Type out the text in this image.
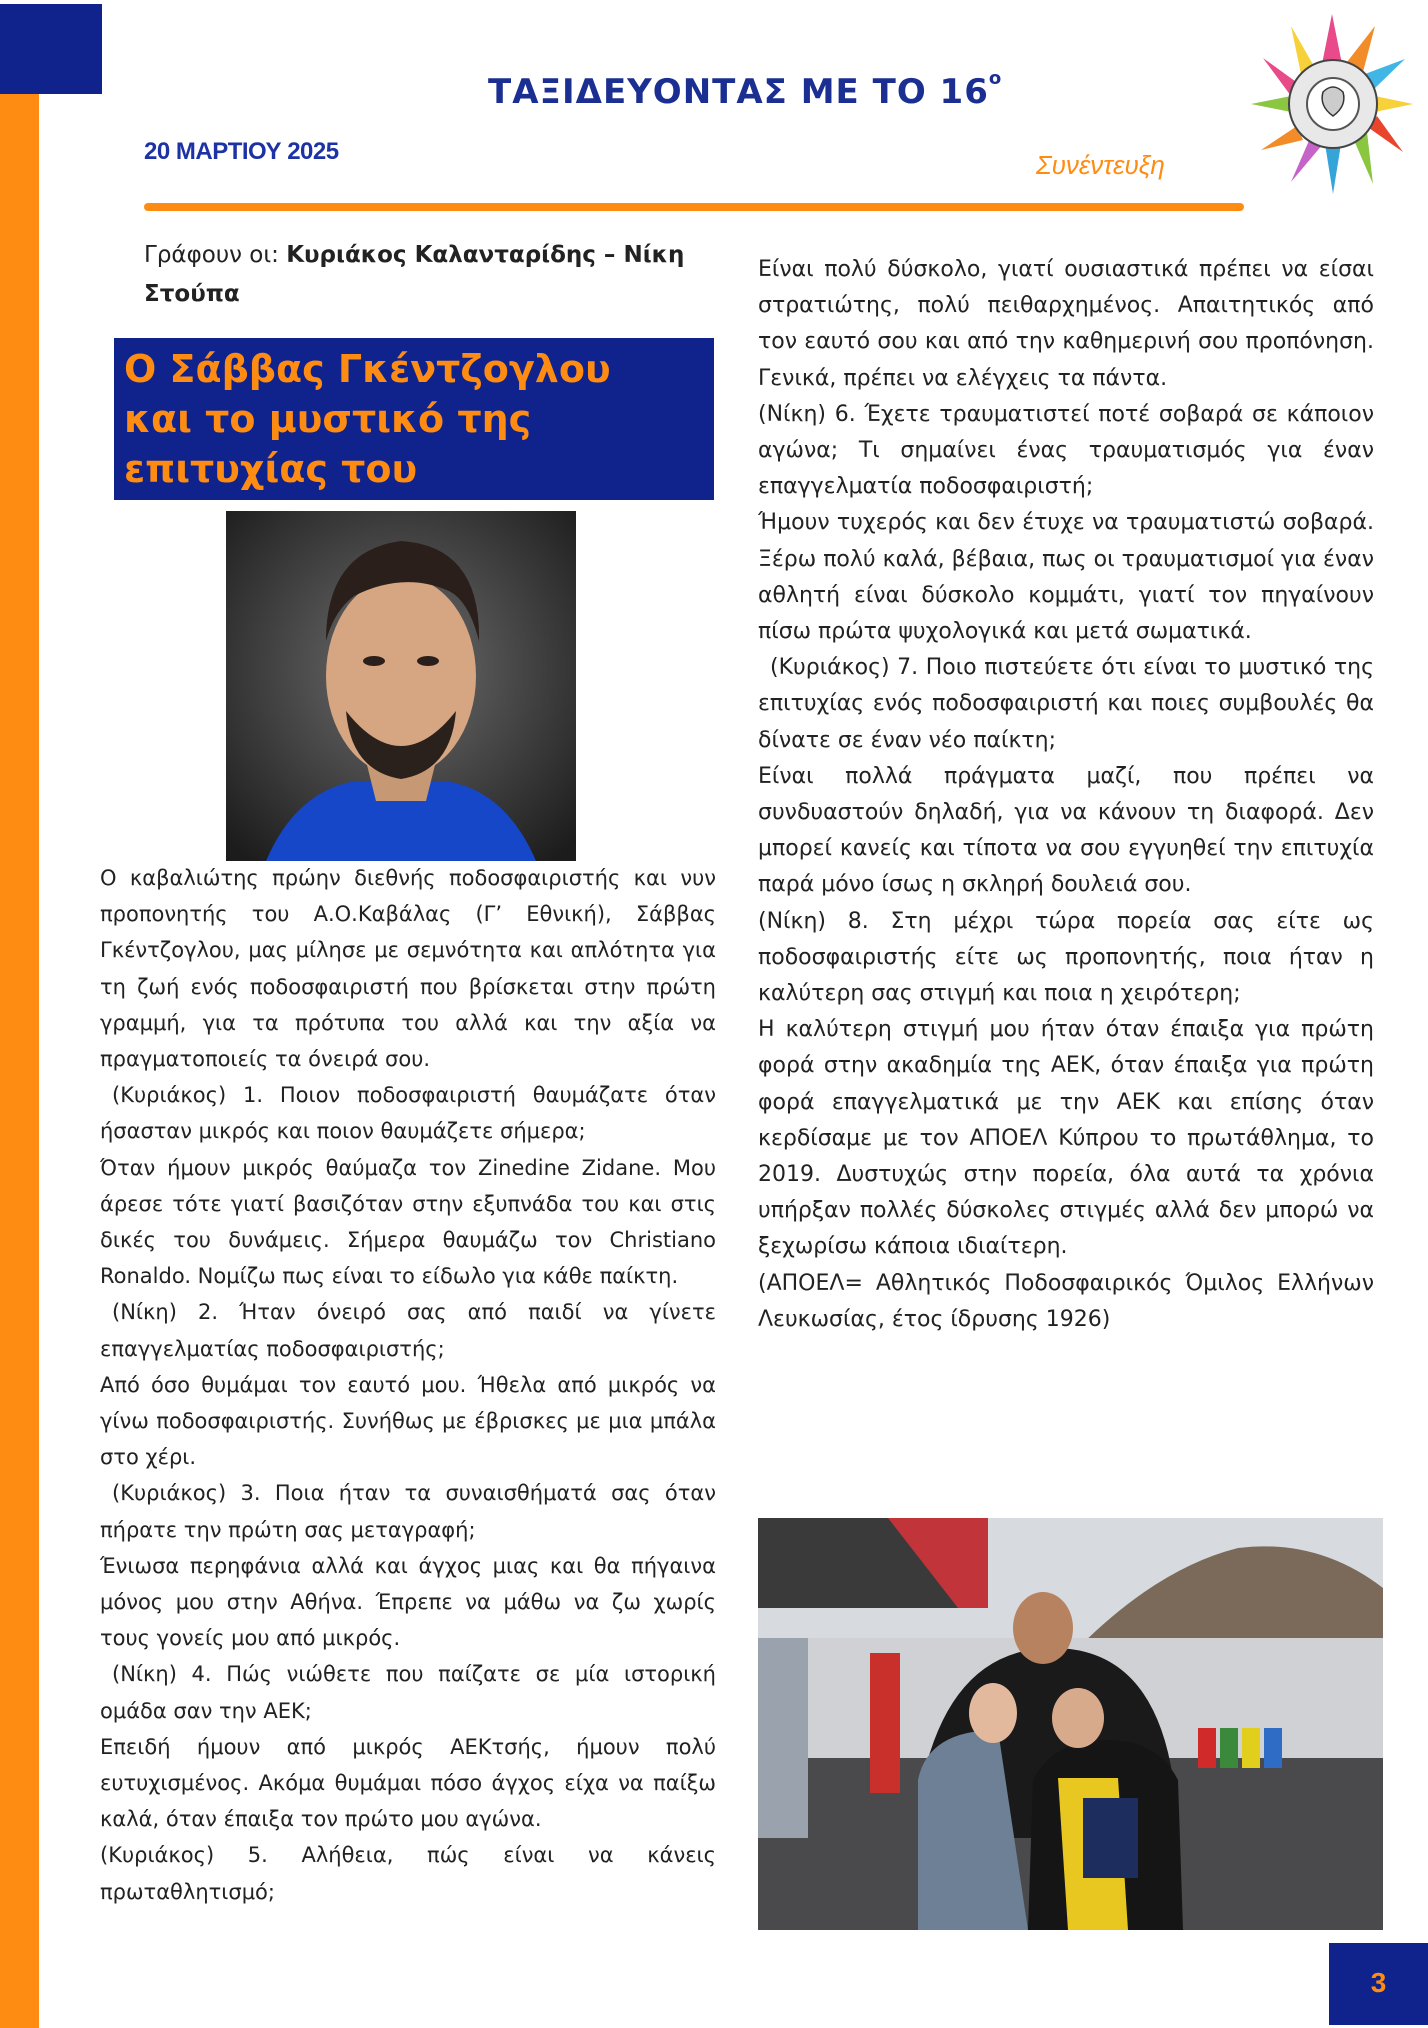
ΤΑΞΙΔΕΥΟΝΤΑΣ ΜΕ ΤΟ $16^o$
20 ΜΑΡΤΙΟΥ 2025	Συνέντευξη
Γράφουν οι: Κυριάκος Καλανταρίδης – Νίκη Στούπα
Ο Σάββας Γκέντζογλου
και το μυστικό της
επιτυχίας του

Ο καβαλιώτης πρώην διεθνής ποδοσφαιριστής και νυν προπονητής του Α.Ο.Καβάλας (Γ’ Εθνική), Σάββας Γκέντζογλου, μας μίλησε με σεμνότητα και απλότητα για τη ζωή ενός ποδοσφαιριστή που βρίσκεται στην πρώτη γραμμή, για τα πρότυπα του αλλά και την αξία να πραγματοποιείς τα όνειρά σου.

(Κυριάκος) 1. Ποιον ποδοσφαιριστή θαυμάζατε όταν ήσασταν μικρός και ποιον θαυμάζετε σήμερα;

Όταν ήμουν μικρός θαύμαζα τον Zinedine Zidane. Μου άρεσε τότε γιατί βασιζόταν στην εξυπνάδα του και στις δικές του δυνάμεις. Σήμερα θαυμάζω τον Christiano Ronaldo. Νομίζω πως είναι το είδωλο για κάθε παίκτη.

(Νίκη) 2. Ήταν όνειρό σας από παιδί να γίνετε επαγγελματίας ποδοσφαιριστής;

Από όσο θυμάμαι τον εαυτό μου. Ήθελα από μικρός να γίνω ποδοσφαιριστής. Συνήθως με έβρισκες με μια μπάλα στο χέρι.

(Κυριάκος) 3. Ποια ήταν τα συναισθήματά σας όταν πήρατε την πρώτη σας μεταγραφή;

Ένιωσα περηφάνια αλλά και άγχος μιας και θα πήγαινα μόνος μου στην Αθήνα. Έπρεπε να μάθω να ζω χωρίς τους γονείς μου από μικρός.

(Νίκη) 4. Πώς νιώθετε που παίζατε σε μία ιστορική ομάδα σαν την ΑΕΚ;

Επειδή ήμουν από μικρός ΑΕΚτσής, ήμουν πολύ ευτυχισμένος. Ακόμα θυμάμαι πόσο άγχος είχα να παίξω καλά, όταν έπαιξα τον πρώτο μου αγώνα.

(Κυριάκος) 5. Αλήθεια, πώς είναι να κάνεις πρωταθλητισμό;

Είναι πολύ δύσκολο, γιατί ουσιαστικά πρέπει να είσαι στρατιώτης, πολύ πειθαρχημένος. Απαιτητικός από τον εαυτό σου και από την καθημερινή σου προπόνηση. Γενικά, πρέπει να ελέγχεις τα πάντα.

(Νίκη) 6. Έχετε τραυματιστεί ποτέ σοβαρά σε κάποιον αγώνα; Τι σημαίνει ένας τραυματισμός για έναν επαγγελματία ποδοσφαιριστή;

Ήμουν τυχερός και δεν έτυχε να τραυματιστώ σοβαρά. Ξέρω πολύ καλά, βέβαια, πως οι τραυματισμοί για έναν αθλητή είναι δύσκολο κομμάτι, γιατί τον πηγαίνουν πίσω πρώτα ψυχολογικά και μετά σωματικά.

(Κυριάκος) 7. Ποιο πιστεύετε ότι είναι το μυστικό της επιτυχίας ενός ποδοσφαιριστή και ποιες συμβουλές θα δίνατε σε έναν νέο παίκτη;

Είναι πολλά πράγματα μαζί, που πρέπει να συνδυαστούν δηλαδή, για να κάνουν τη διαφορά. Δεν μπορεί κανείς και τίποτα να σου εγγυηθεί την επιτυχία παρά μόνο ίσως η σκληρή δουλειά σου.

(Νίκη) 8. Στη μέχρι τώρα πορεία σας είτε ως ποδοσφαιριστής είτε ως προπονητής, ποια ήταν η καλύτερη σας στιγμή και ποια η χειρότερη;

Η καλύτερη στιγμή μου ήταν όταν έπαιξα για πρώτη φορά στην ακαδημία της ΑΕΚ, όταν έπαιξα για πρώτη φορά επαγγελματικά με την ΑΕΚ και επίσης όταν κερδίσαμε με τον ΑΠΟΕΛ Κύπρου το πρωτάθλημα, το 2019. Δυστυχώς στην πορεία, όλα αυτά τα χρόνια υπήρξαν πολλές δύσκολες στιγμές αλλά δεν μπορώ να ξεχωρίσω κάποια ιδιαίτερη.

(ΑΠΟΕΛ= Αθλητικός Ποδοσφαιρικός Όμιλος Ελλήνων Λευκωσίας, έτος ίδρυσης 1926)

3
